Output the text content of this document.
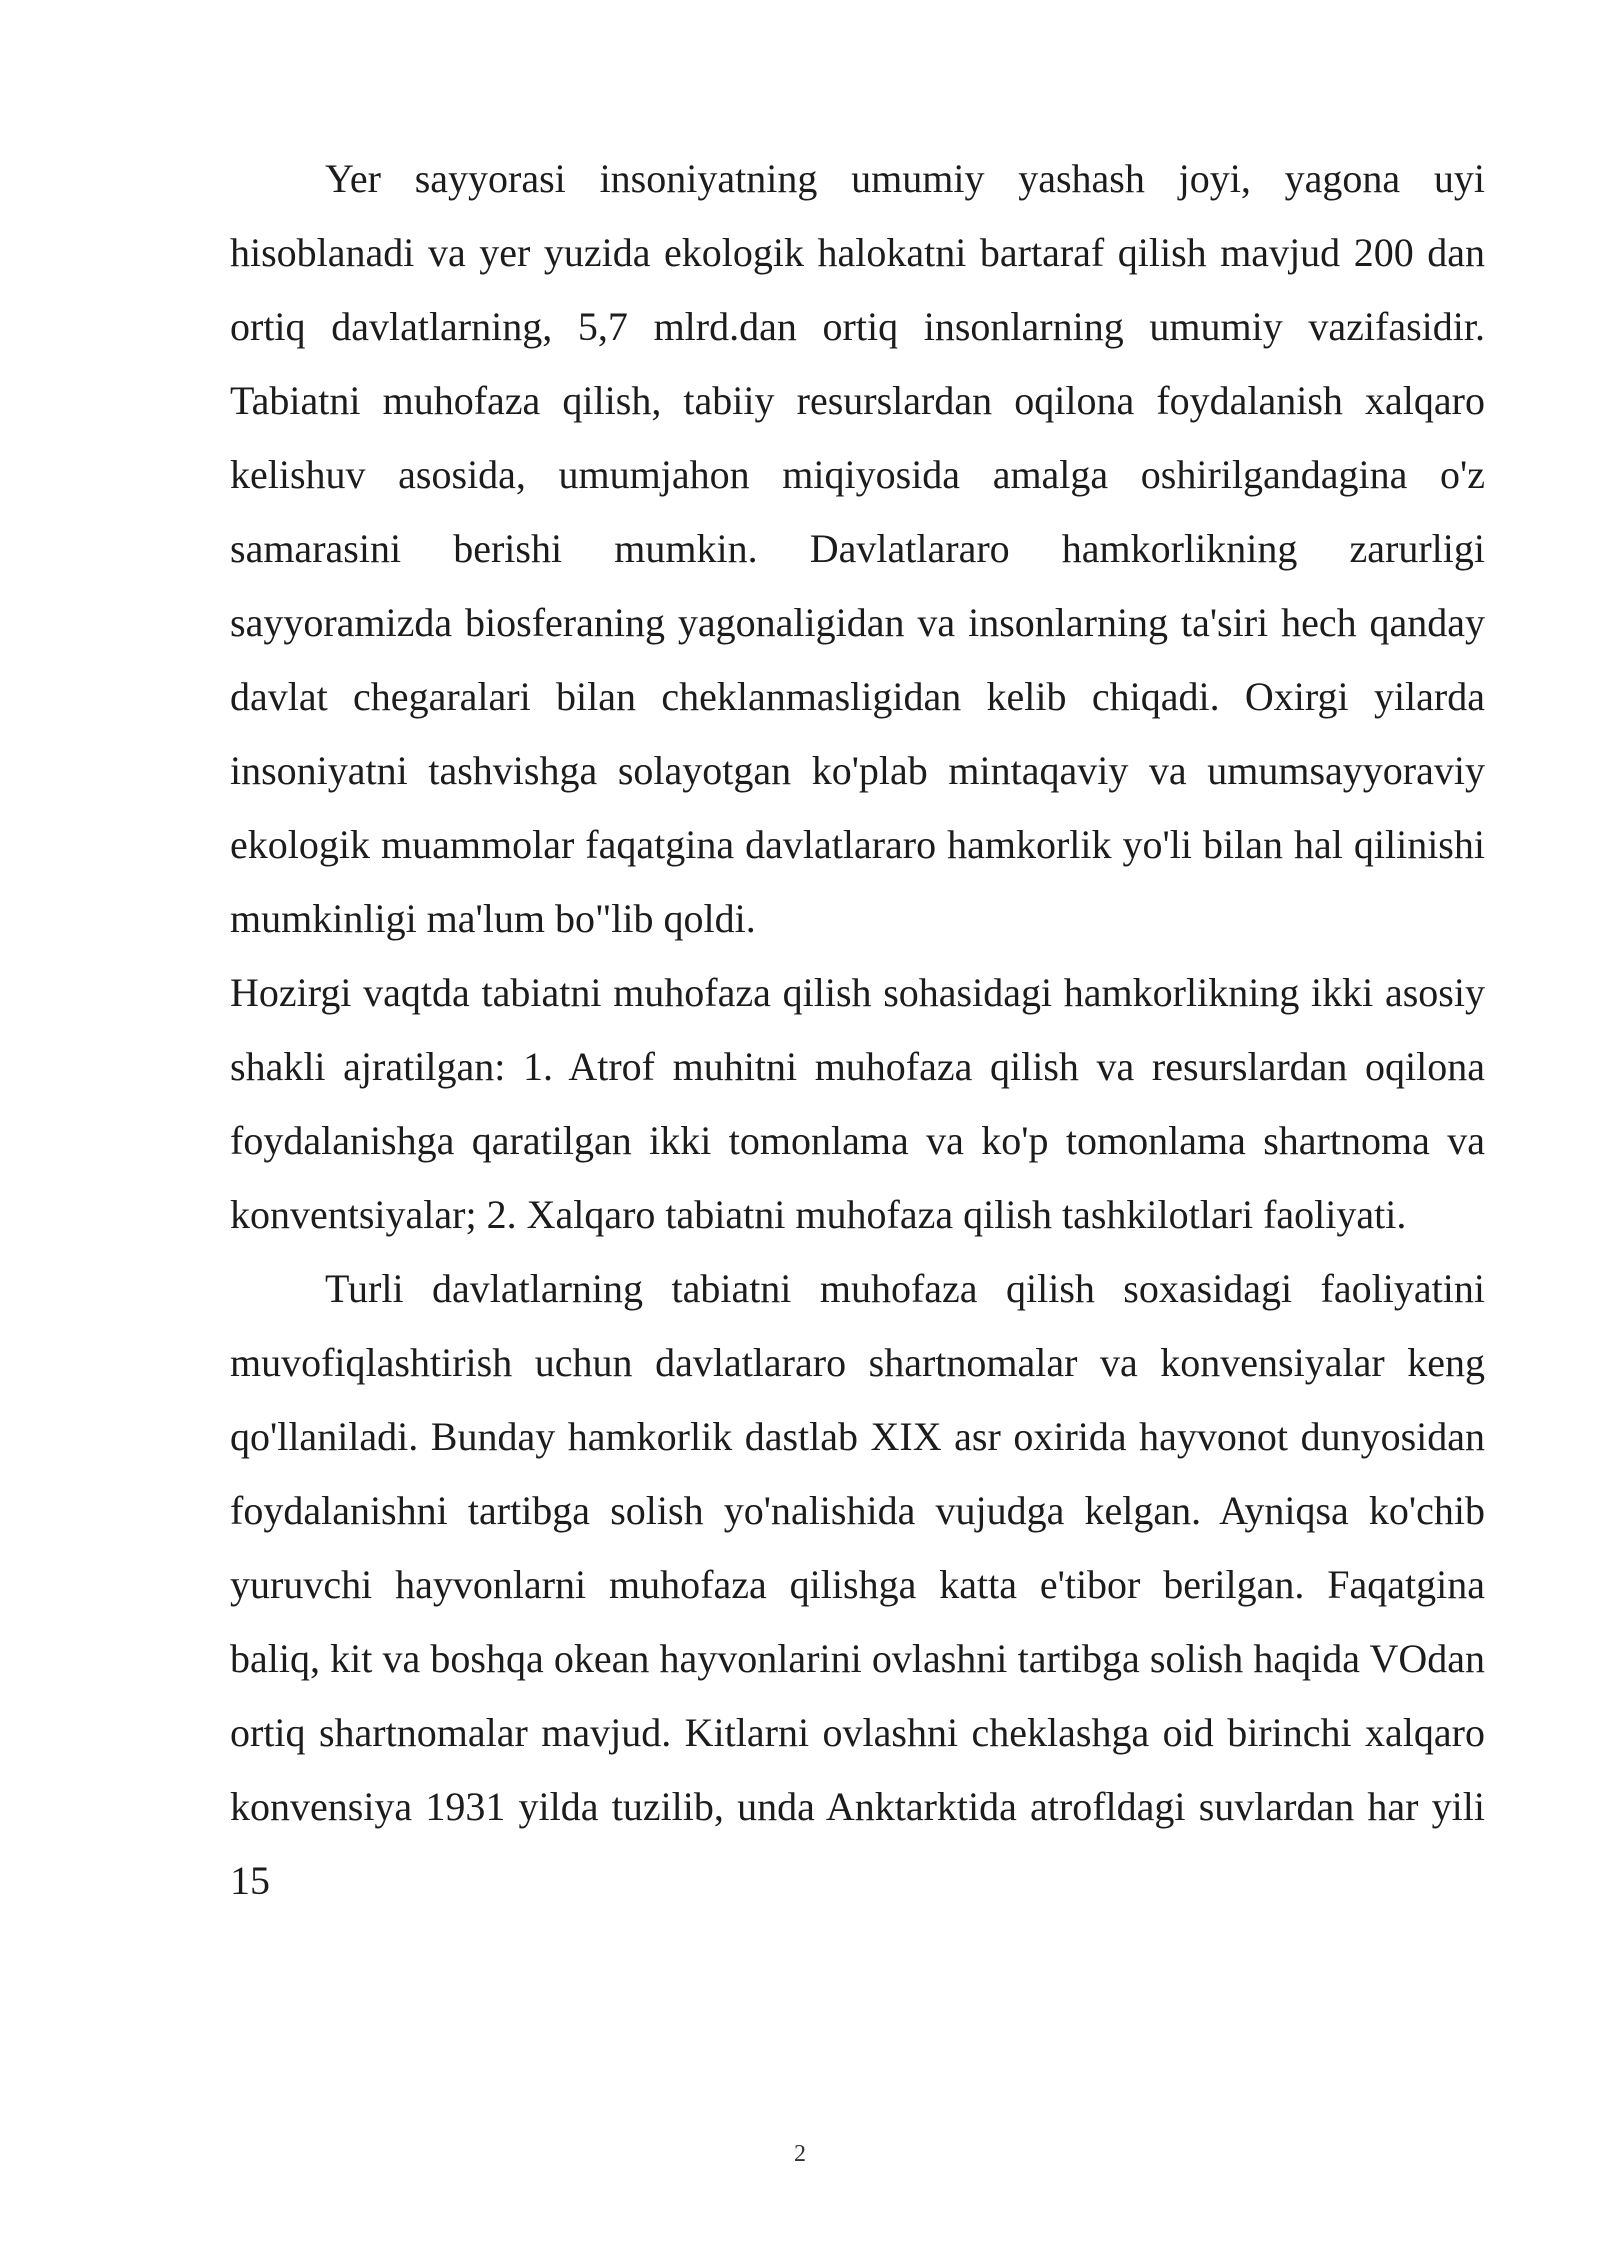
Yer sayyorasi insoniyatning umumiy yashash joyi, yagona uyi hisoblanadi va yer yuzida ekologik halokatni bartaraf qilish mavjud 200 dan ortiq davlatlarning, 5,7 mlrd.dan ortiq insonlarning umumiy vazifasidir. Tabiatni muhofaza qilish, tabiiy resurslardan oqilona foydalanish xalqaro kelishuv asosida, umumjahon miqiyosida amalga oshirilgandagina o'z samarasini berishi mumkin. Davlatlararo hamkorlikning zarurligi sayyoramizda biosferaning yagonaligidan va insonlarning ta'siri hech qanday davlat chegaralari bilan cheklanmasligidan kelib chiqadi. Oxirgi yilarda insoniyatni tashvishga solayotgan ko'plab mintaqaviy va umumsayyoraviy ekologik muammolar faqatgina davlatlararo hamkorlik yo'li bilan hal qilinishi mumkinligi ma'lum bo"lib qoldi.

Hozirgi vaqtda tabiatni muhofaza qilish sohasidagi hamkorlikning ikki asosiy shakli ajratilgan: 1. Atrof muhitni muhofaza qilish va resurslardan oqilona foydalanishga qaratilgan ikki tomonlama va ko'p tomonlama shartnoma va konventsiyalar; 2. Xalqaro tabiatni muhofaza qilish tashkilotlari faoliyati.

Turli davlatlarning tabiatni muhofaza qilish soxasidagi faoliyatini muvofiqlashtirish uchun davlatlararo shartnomalar va konvensiyalar keng qo'llaniladi. Bunday hamkorlik dastlab XIX asr oxirida hayvonot dunyosidan foydalanishni tartibga solish yo'nalishida vujudga kelgan. Ayniqsa ko'chib yuruvchi hayvonlarni muhofaza qilishga katta e'tibor berilgan. Faqatgina baliq, kit va boshqa okean hayvonlarini ovlashni tartibga solish haqida VOdan ortiq shartnomalar mavjud. Kitlarni ovlashni cheklashga oid birinchi xalqaro konvensiya 1931 yilda tuzilib, unda Anktarktida atrofldagi suvlardan har yili 15

2
